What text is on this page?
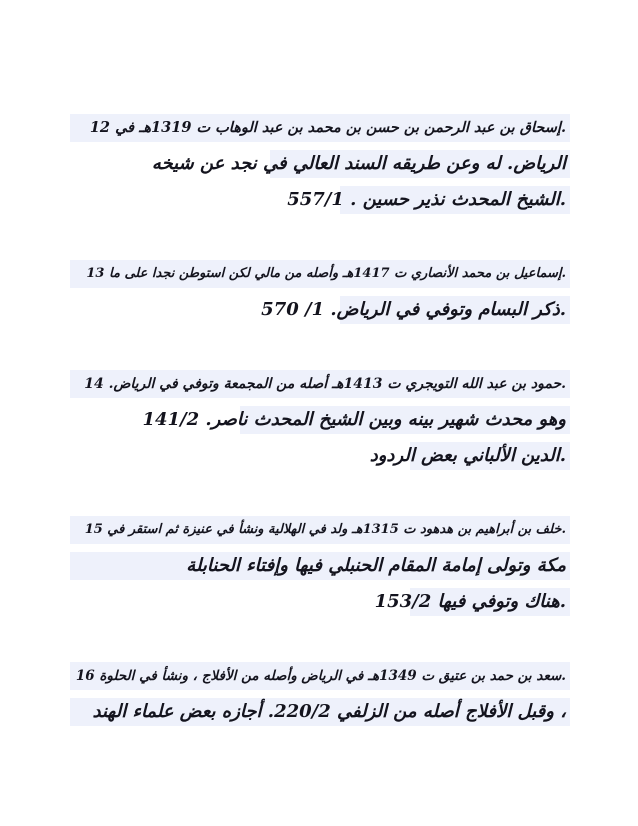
.إسحاق بن عبد الرحمن بن حسن بن محمد بن عبد الوهاب ت 1319هـ في 12
الرياض. له وعن طريقه السند العالي في نجد عن شيخه
.الشيخ المحدث نذير حسين . 557/1
.إسماعيل بن محمد الأنصاري ت 1417هـ وأصله من مالي لكن استوطن نجدا على ما 13
.ذكر البسام وتوفي في الرياض. 1/ 570
.حمود بن عبد الله التويجري ت 1413هـ أصله من المجمعة وتوفي في الرياض. 14
وهو محدث شهير بينه وبين الشيخ المحدث ناصر. 141/2
.الدين الألباني بعض الردود
.خلف بن أبراهيم بن هدهود ت 1315هـ ولد في الهلالية ونشأ في عنيزة ثم استقر في 15
مكة وتولى إمامة المقام الحنبلي فيها وإفتاء الحنابلة
.هناك وتوفي فيها 153/2
.سعد بن حمد بن عتيق ت 1349هـ في الرياض وأصله من الأفلاج ، ونشأ في الحلوة 16
، وقبل الأفلاج أصله من الزلفي 220/2. أجازه بعض علماء الهند
